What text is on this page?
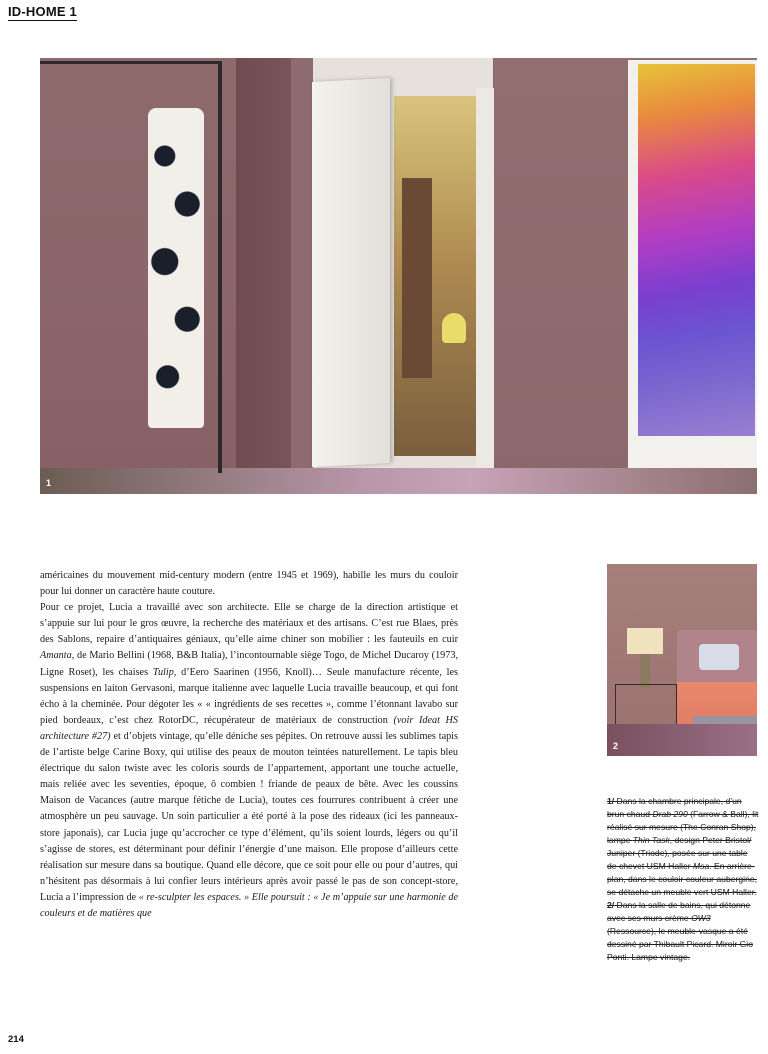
ID-HOME 1
1

américaines du mouvement mid-century modern (entre 1945 et 1969), habille les murs du couloir pour lui donner un caractère haute couture.

Pour ce projet, Lucia a travaillé avec son architecte. Elle se charge de la direction artistique et s’appuie sur lui pour le gros œuvre, la recherche des matériaux et des artisans. C’est rue Blaes, près des Sablons, repaire d’antiquaires géniaux, qu’elle aime chiner son mobilier : les fauteuils en cuir Amanta, de Mario Bellini (1968, B&B Italia), l’incontournable siège Togo, de Michel Ducaroy (1973, Ligne Roset), les chaises Tulip, d’Eero Saarinen (1956, Knoll)… Seule manufacture récente, les suspensions en laiton Gervasoni, marque italienne avec laquelle Lucia travaille beaucoup, et qui font écho à la cheminée. Pour dégoter les « « ingrédients de ses recettes », comme l’étonnant lavabo sur pied bordeaux, c’est chez RotorDC, récupérateur de matériaux de construction (voir Ideat HS architecture #27) et d’objets vintage, qu’elle déniche ses pépites. On retrouve aussi les sublimes tapis de l’artiste belge Carine Boxy, qui utilise des peaux de mouton teintées naturellement. Le tapis bleu électrique du salon twiste avec les coloris sourds de l’appartement, apportant une touche actuelle, mais reliée avec les seventies, époque, ô combien ! friande de peaux de bête. Avec les coussins Maison de Vacances (autre marque fétiche de Lucia), toutes ces fourrures contribuent à créer une atmosphère un peu sauvage. Un soin particulier a été porté à la pose des rideaux (ici les panneaux-store japonais), car Lucia juge qu’accrocher ce type d’élément, qu’ils soient lourds, légers ou qu’il s’agisse de stores, est déterminant pour définir l’énergie d’une maison. Elle propose d’ailleurs cette réalisation sur mesure dans sa boutique. Quand elle décore, que ce soit pour elle ou pour d’autres, qui n’hésitent pas désormais à lui confier leurs intérieurs après avoir passé le pas de son concept-store, Lucia a l’impression de « re-sculpter les espaces. » Elle poursuit : « Je m’appuie sur une harmonie de couleurs et de matières que

2
1/ Dans la chambre principale, d’un brun chaud Drab 290 (Farrow & Ball), lit réalisé sur mesure (The Conran Shop), lampe Thin Task, design Peter Bristol/ Juniper (Triode), posée sur une table de chevet USM Haller Msa. En arrière-plan, dans le couloir couleur aubergine, se détache un meuble vert USM Haller. 2/ Dans la salle de bains, qui détonne avec ses murs crème OW3 (Ressource), le meuble-vasque a été dessiné par Thibault Picard. Miroir Gio Ponti. Lampe vintage.
214
